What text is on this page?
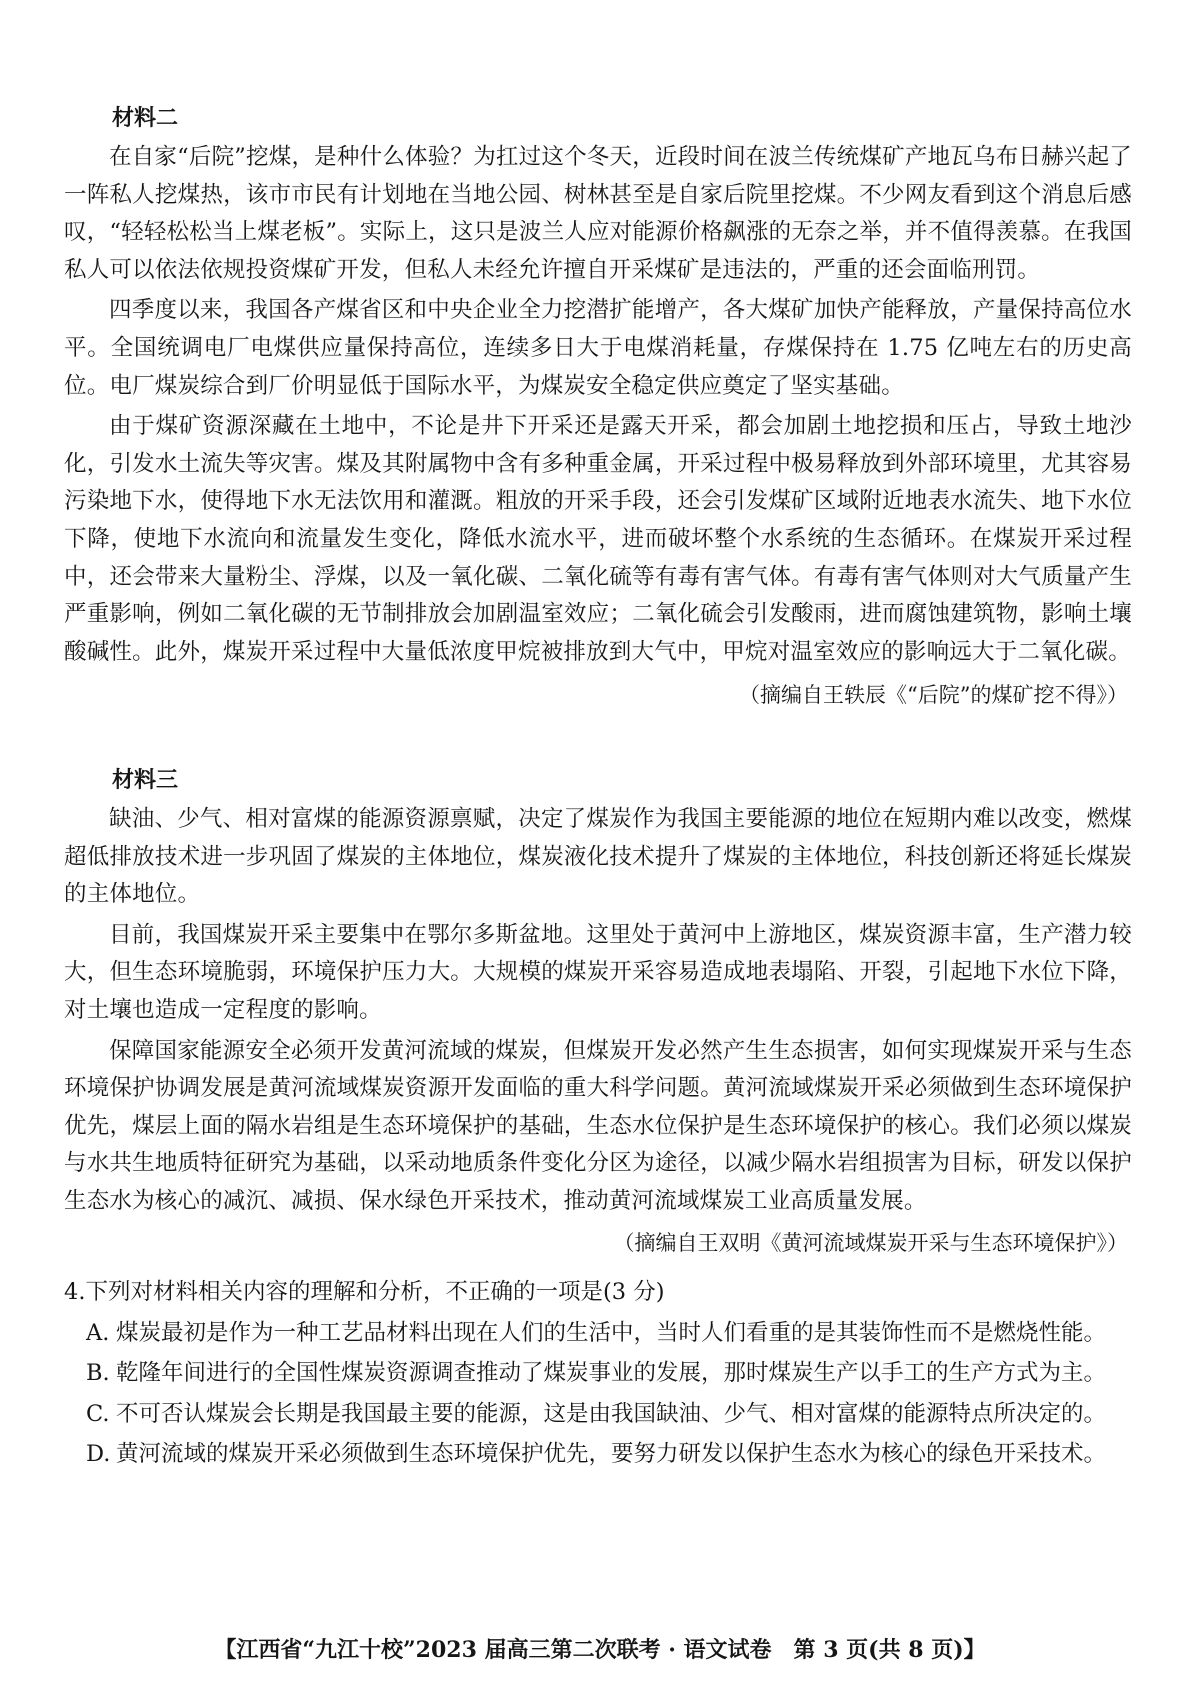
材料二

在自家“后院”挖煤，是种什么体验？为扛过这个冬天，近段时间在波兰传统煤矿产地瓦乌布日赫兴起了一阵私人挖煤热，该市市民有计划地在当地公园、树林甚至是自家后院里挖煤。不少网友看到这个消息后感叹，“轻轻松松当上煤老板”。实际上，这只是波兰人应对能源价格飙涨的无奈之举，并不值得羡慕。在我国私人可以依法依规投资煤矿开发，但私人未经允许擅自开采煤矿是违法的，严重的还会面临刑罚。

四季度以来，我国各产煤省区和中央企业全力挖潜扩能增产，各大煤矿加快产能释放，产量保持高位水平。全国统调电厂电煤供应量保持高位，连续多日大于电煤消耗量，存煤保持在 1.75 亿吨左右的历史高位。电厂煤炭综合到厂价明显低于国际水平，为煤炭安全稳定供应奠定了坚实基础。

由于煤矿资源深藏在土地中，不论是井下开采还是露天开采，都会加剧土地挖损和压占，导致土地沙化，引发水土流失等灾害。煤及其附属物中含有多种重金属，开采过程中极易释放到外部环境里，尤其容易污染地下水，使得地下水无法饮用和灌溉。粗放的开采手段，还会引发煤矿区域附近地表水流失、地下水位下降，使地下水流向和流量发生变化，降低水流水平，进而破坏整个水系统的生态循环。在煤炭开采过程中，还会带来大量粉尘、浮煤，以及一氧化碳、二氧化硫等有毒有害气体。有毒有害气体则对大气质量产生严重影响，例如二氧化碳的无节制排放会加剧温室效应；二氧化硫会引发酸雨，进而腐蚀建筑物，影响土壤酸碱性。此外，煤炭开采过程中大量低浓度甲烷被排放到大气中，甲烷对温室效应的影响远大于二氧化碳。

（摘编自王轶辰《“后院”的煤矿挖不得》）
材料三

缺油、少气、相对富煤的能源资源禀赋，决定了煤炭作为我国主要能源的地位在短期内难以改变，燃煤超低排放技术进一步巩固了煤炭的主体地位，煤炭液化技术提升了煤炭的主体地位，科技创新还将延长煤炭的主体地位。

目前，我国煤炭开采主要集中在鄂尔多斯盆地。这里处于黄河中上游地区，煤炭资源丰富，生产潜力较大，但生态环境脆弱，环境保护压力大。大规模的煤炭开采容易造成地表塌陷、开裂，引起地下水位下降，对土壤也造成一定程度的影响。

保障国家能源安全必须开发黄河流域的煤炭，但煤炭开发必然产生生态损害，如何实现煤炭开采与生态环境保护协调发展是黄河流域煤炭资源开发面临的重大科学问题。黄河流域煤炭开采必须做到生态环境保护优先，煤层上面的隔水岩组是生态环境保护的基础，生态水位保护是生态环境保护的核心。我们必须以煤炭与水共生地质特征研究为基础，以采动地质条件变化分区为途径，以减少隔水岩组损害为目标，研发以保护生态水为核心的减沉、减损、保水绿色开采技术，推动黄河流域煤炭工业高质量发展。

（摘编自王双明《黄河流域煤炭开采与生态环境保护》）

4.下列对材料相关内容的理解和分析，不正确的一项是(3 分)

A. 煤炭最初是作为一种工艺品材料出现在人们的生活中，当时人们看重的是其装饰性而不是燃烧性能。

B. 乾隆年间进行的全国性煤炭资源调查推动了煤炭事业的发展，那时煤炭生产以手工的生产方式为主。

C. 不可否认煤炭会长期是我国最主要的能源，这是由我国缺油、少气、相对富煤的能源特点所决定的。

D. 黄河流域的煤炭开采必须做到生态环境保护优先，要努力研发以保护生态水为核心的绿色开采技术。

【江西省“九江十校”2023 届高三第二次联考 · 语文试卷　第 3 页(共 8 页)】
